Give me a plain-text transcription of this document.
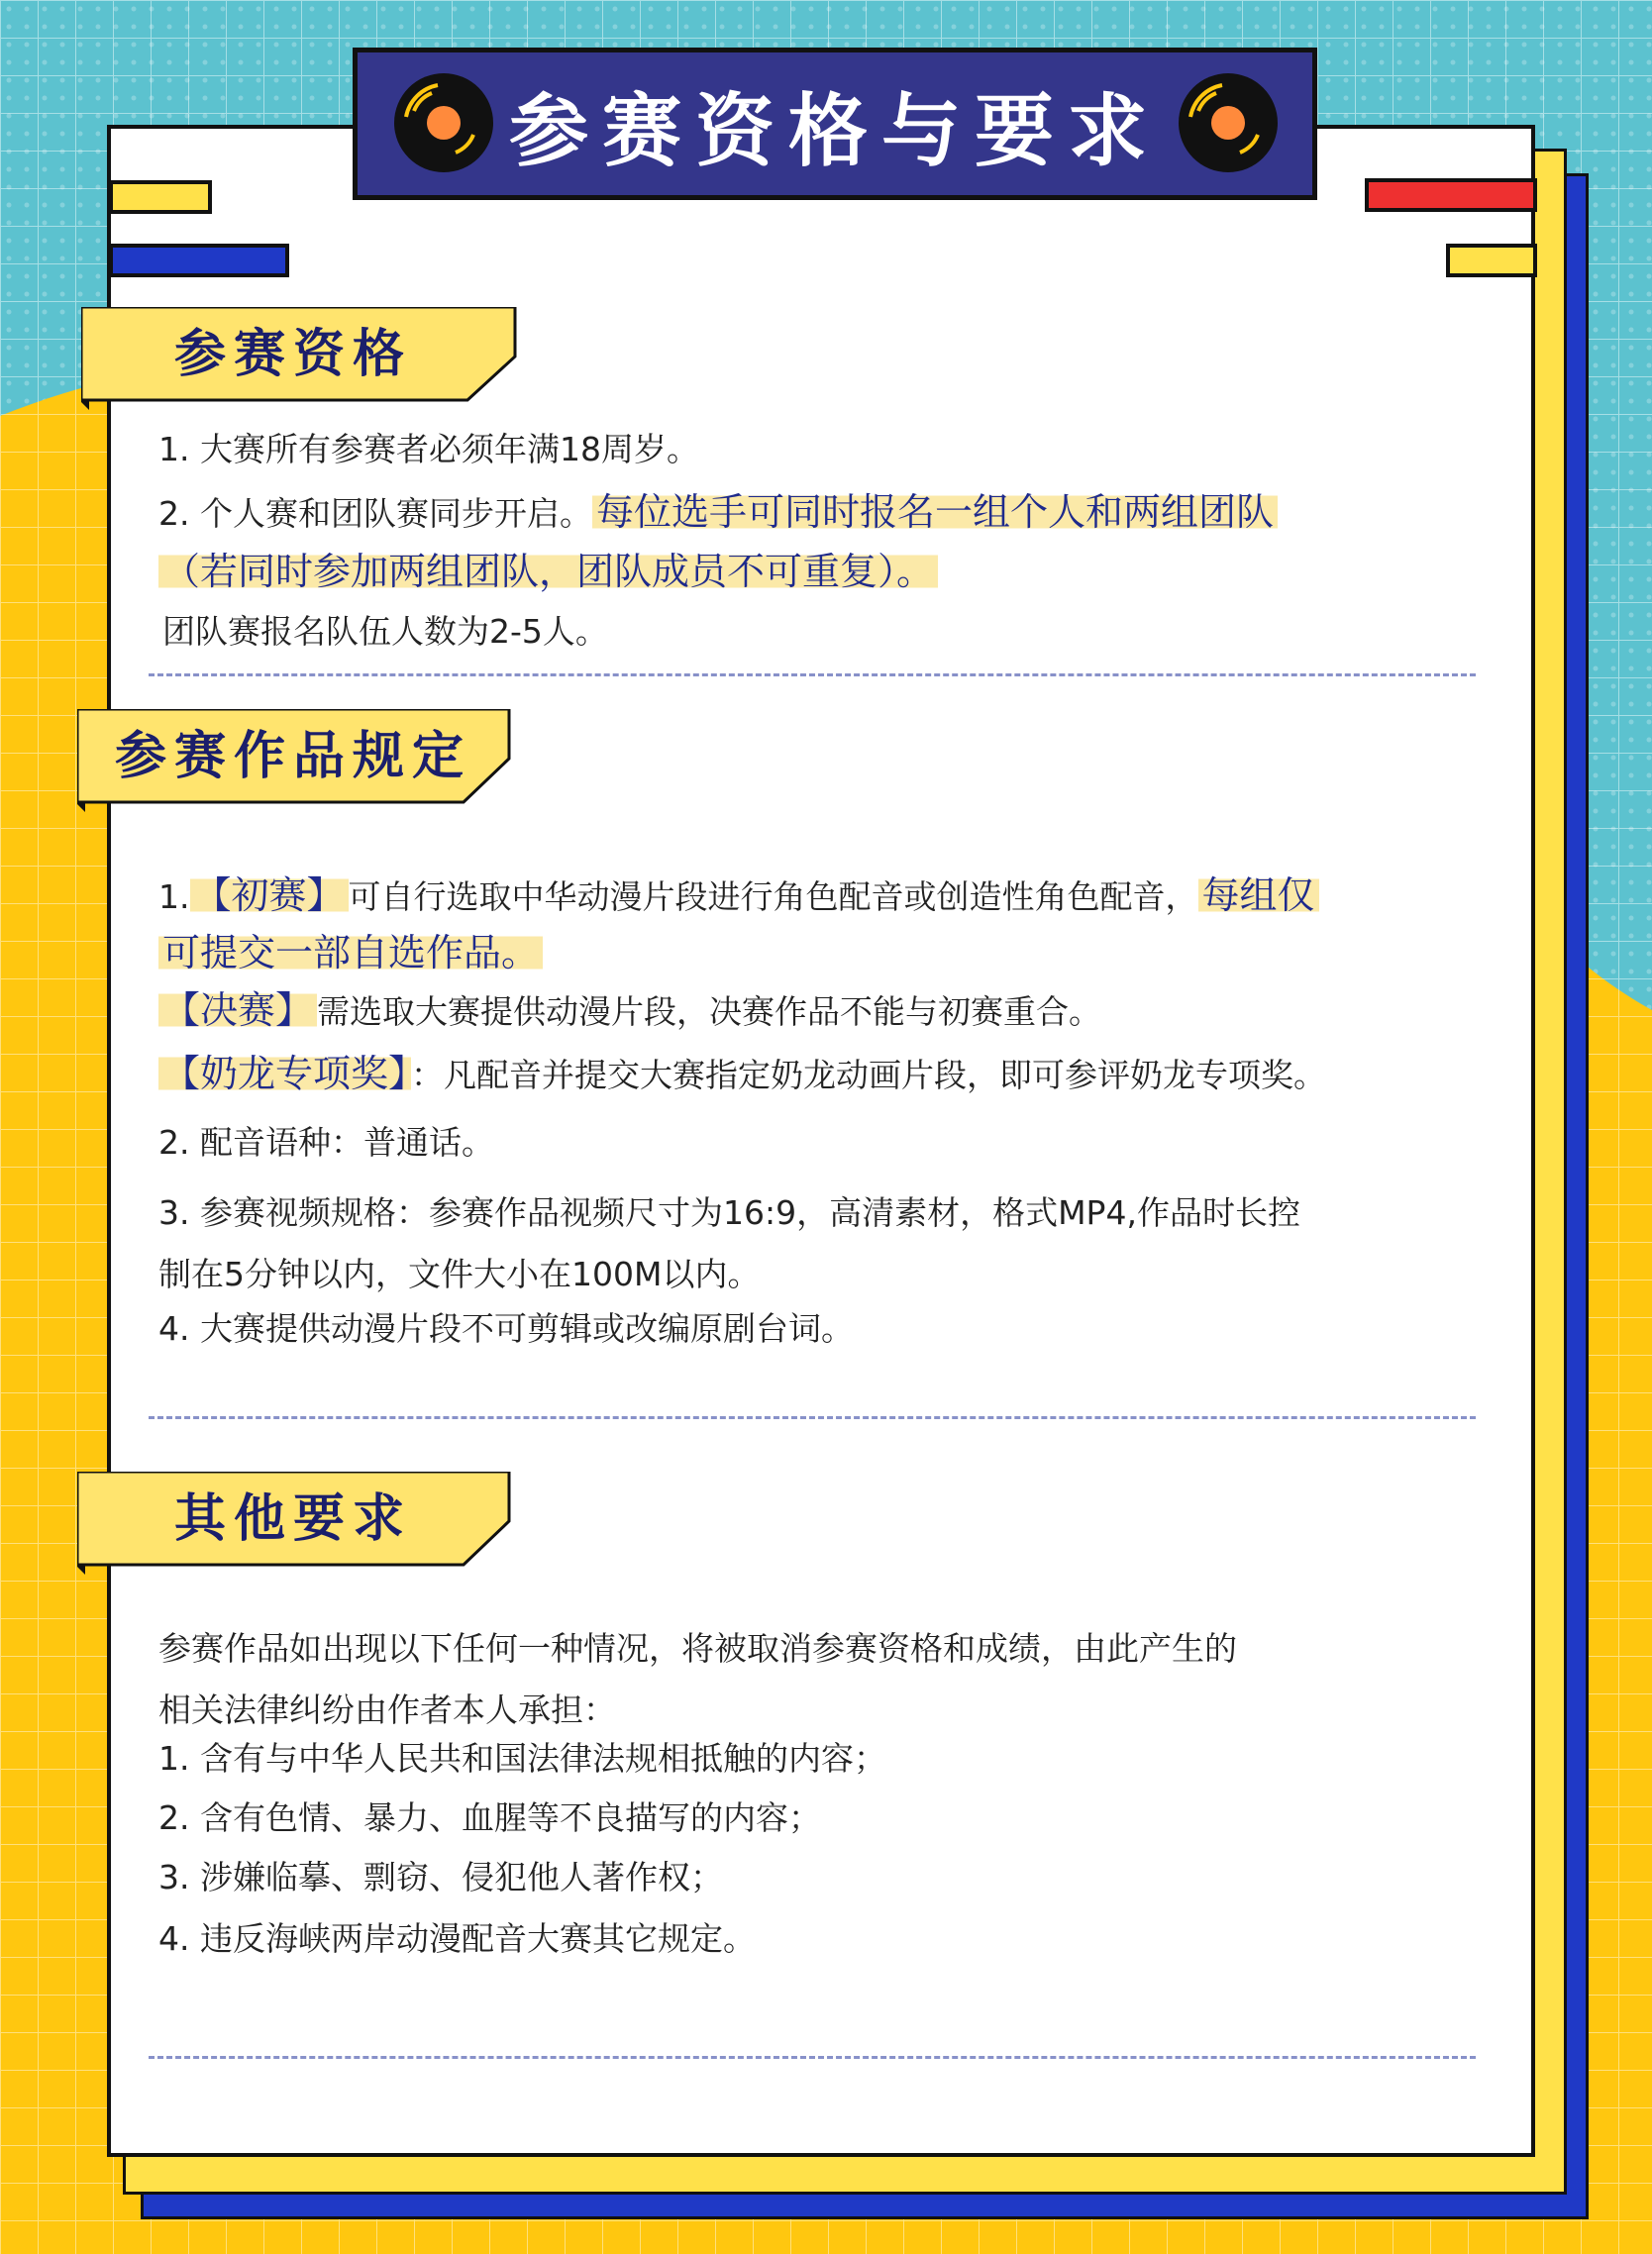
参赛资格与要求
参赛资格

1. 大赛所有参赛者必须年满18周岁。

2. 个人赛和团队赛同步开启。 每位选手可同时报名一组个人和两组团队
（若同时参加两组团队，团队成员不可重复）。

团队赛报名队伍人数为2-5人。

参赛作品规定

1. 【初赛】 可自行选取中华动漫片段进行角色配音或创造性角色配音， 每组仅
可提交一部自选作品。

【决赛】 需选取大赛提供动漫片段，决赛作品不能与初赛重合。

【奶龙专项奖】 ：凡配音并提交大赛指定奶龙动画片段，即可参评奶龙专项奖。

2. 配音语种：普通话。

3. 参赛视频规格：参赛作品视频尺寸为16:9，高清素材，格式MP4,作品时长控
制在5分钟以内，文件大小在100M以内。

4. 大赛提供动漫片段不可剪辑或改编原剧台词。

其他要求

参赛作品如出现以下任何一种情况，将被取消参赛资格和成绩，由此产生的
相关法律纠纷由作者本人承担：

1. 含有与中华人民共和国法律法规相抵触的内容；

2. 含有色情、暴力、血腥等不良描写的内容；

3. 涉嫌临摹、剽窃、侵犯他人著作权；

4. 违反海峡两岸动漫配音大赛其它规定。
